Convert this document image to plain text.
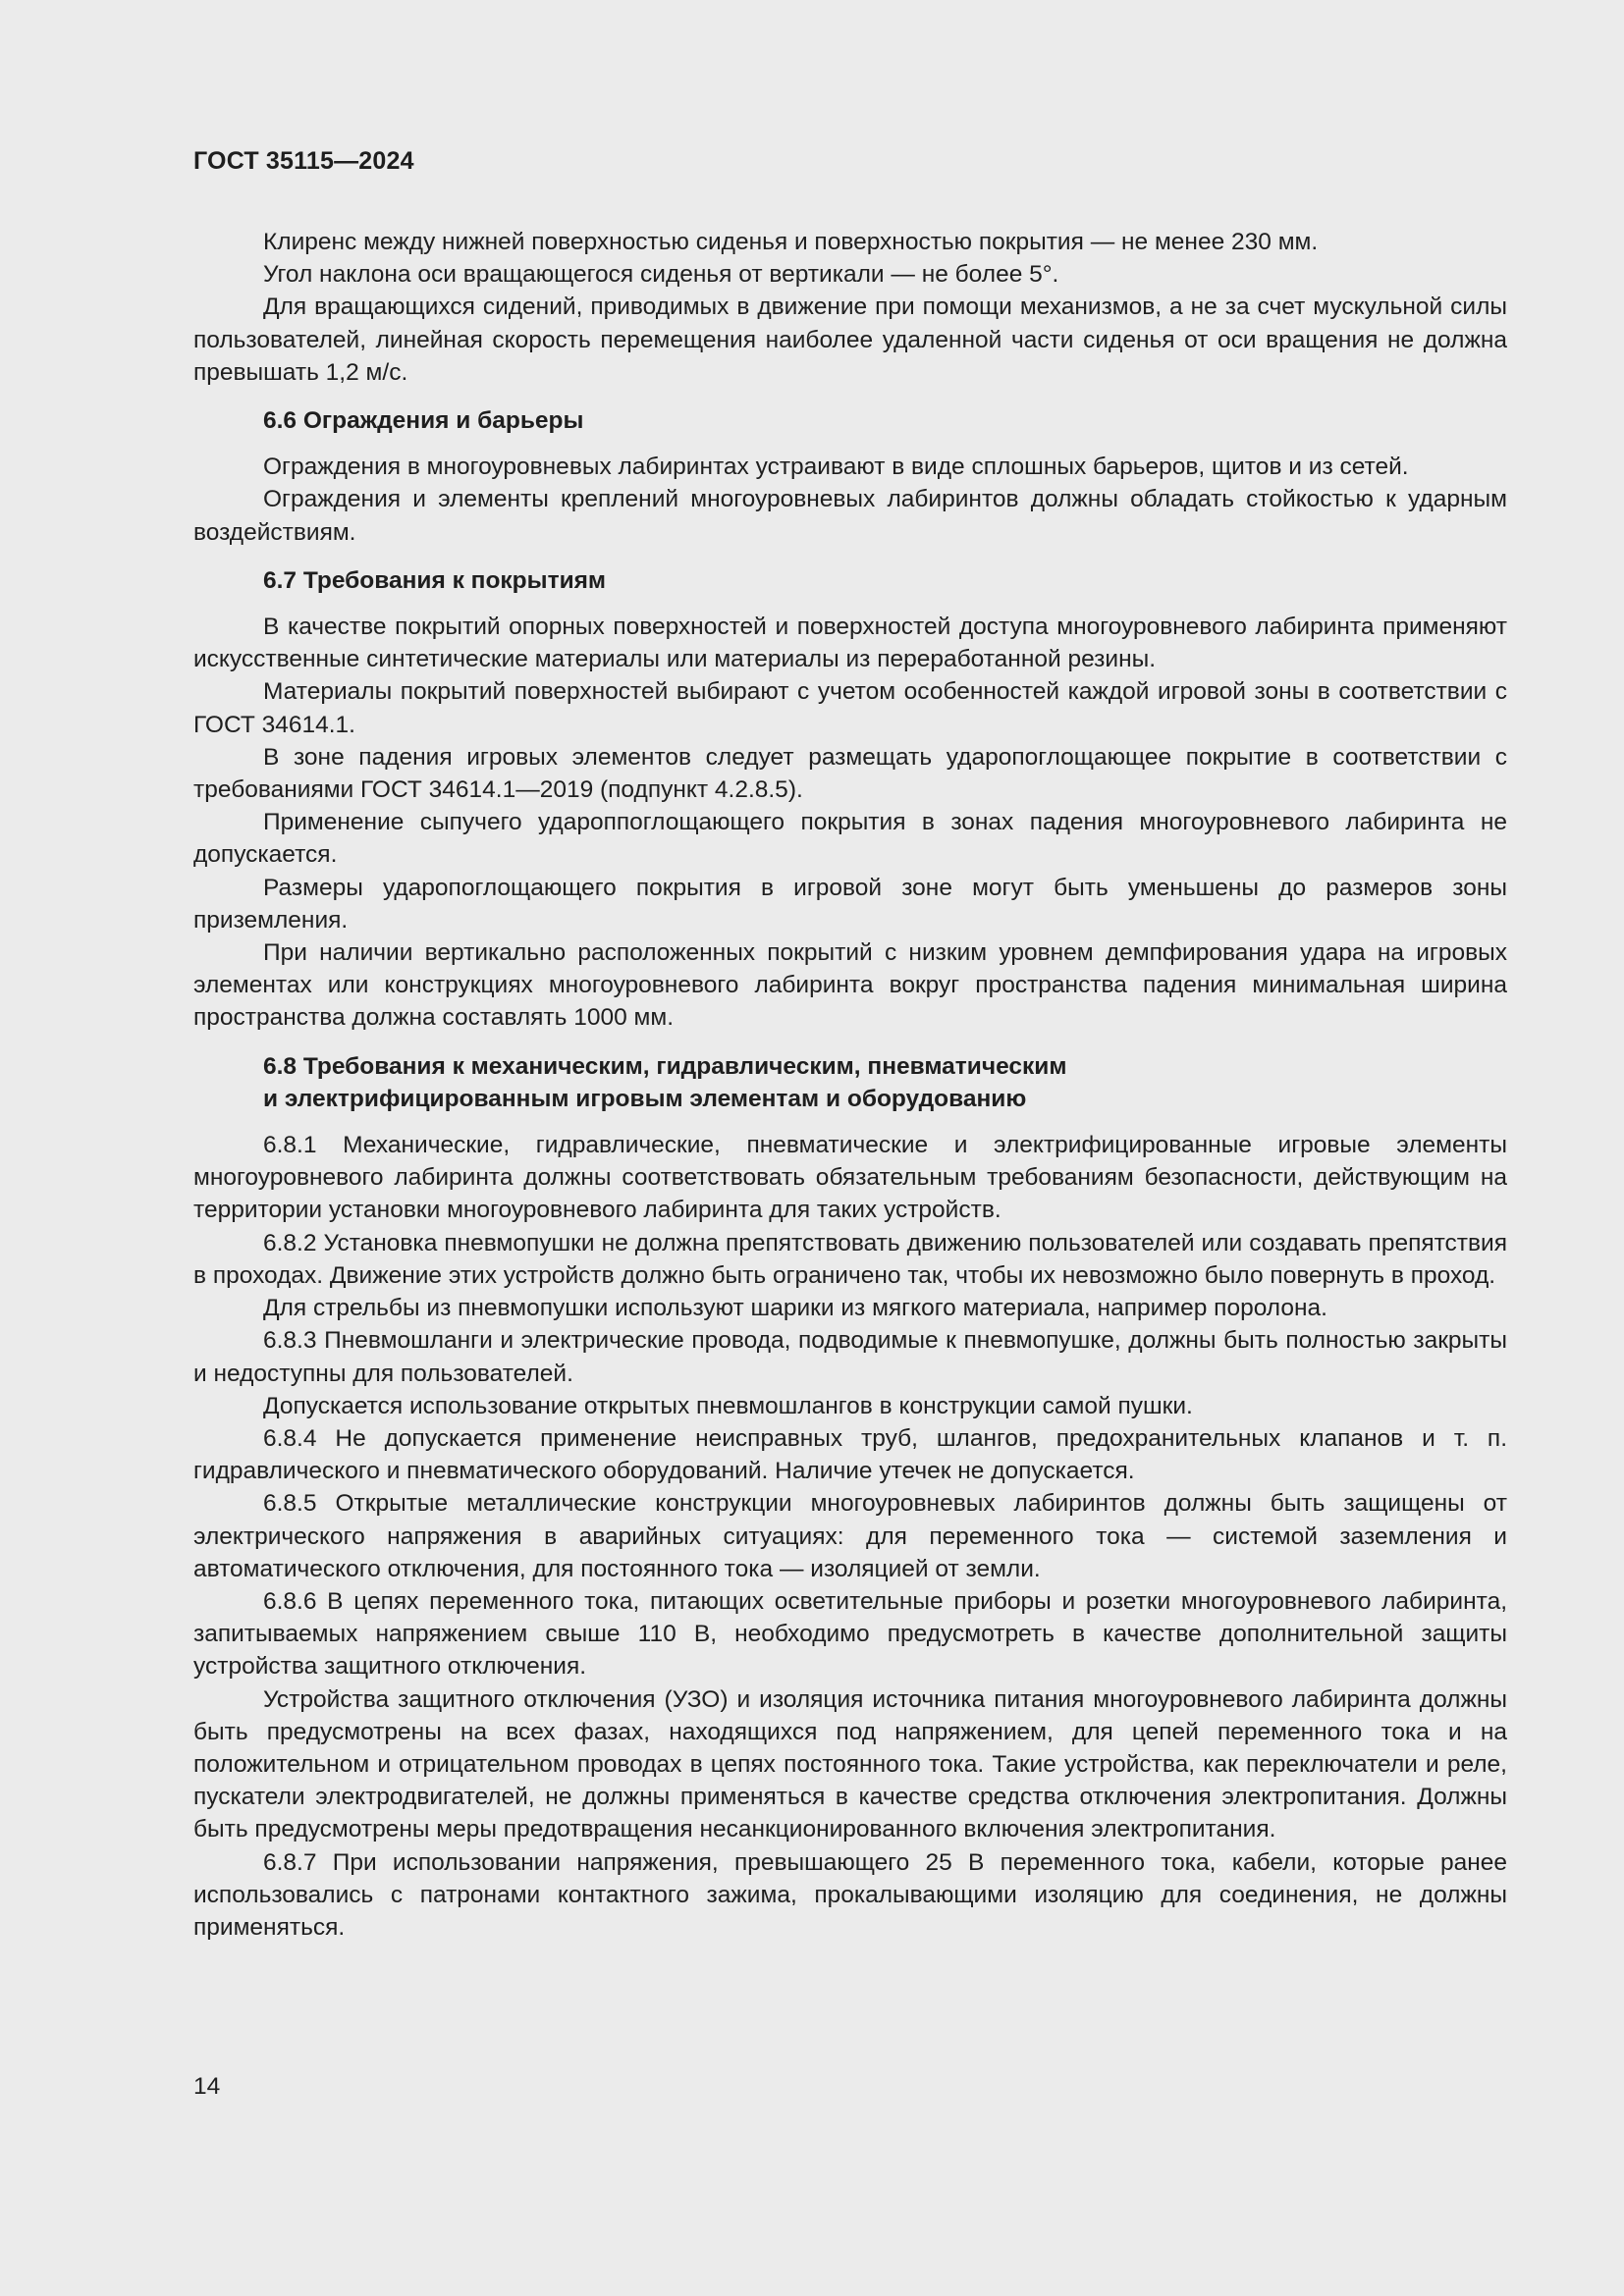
ГОСТ 35115—2024

Клиренс между нижней поверхностью сиденья и поверхностью покрытия — не менее 230 мм.

Угол наклона оси вращающегося сиденья от вертикали — не более 5°.

Для вращающихся сидений, приводимых в движение при помощи механизмов, а не за счет мускульной силы пользователей, линейная скорость перемещения наиболее удаленной части сиденья от оси вращения не должна превышать 1,2 м/с.

6.6 Ограждения и барьеры

Ограждения в многоуровневых лабиринтах устраивают в виде сплошных барьеров, щитов и из сетей.

Ограждения и элементы креплений многоуровневых лабиринтов должны обладать стойкостью к ударным воздействиям.

6.7 Требования к покрытиям

В качестве покрытий опорных поверхностей и поверхностей доступа многоуровневого лабиринта применяют искусственные синтетические материалы или материалы из переработанной резины.

Материалы покрытий поверхностей выбирают с учетом особенностей каждой игровой зоны в соответствии с ГОСТ 34614.1.

В зоне падения игровых элементов следует размещать ударопоглощающее покрытие в соответствии с требованиями ГОСТ 34614.1—2019 (подпункт 4.2.8.5).

Применение сыпучего удароппоглощающего покрытия в зонах падения многоуровневого лабиринта не допускается.

Размеры ударопоглощающего покрытия в игровой зоне могут быть уменьшены до размеров зоны приземления.

При наличии вертикально расположенных покрытий с низким уровнем демпфирования удара на игровых элементах или конструкциях многоуровневого лабиринта вокруг пространства падения минимальная ширина пространства должна составлять 1000 мм.

6.8 Требования к механическим, гидравлическим, пневматическим
и электрифицированным игровым элементам и оборудованию

6.8.1 Механические, гидравлические, пневматические и электрифицированные игровые элементы многоуровневого лабиринта должны соответствовать обязательным требованиям безопасности, действующим на территории установки многоуровневого лабиринта для таких устройств.

6.8.2 Установка пневмопушки не должна препятствовать движению пользователей или создавать препятствия в проходах. Движение этих устройств должно быть ограничено так, чтобы их невозможно было повернуть в проход.

Для стрельбы из пневмопушки используют шарики из мягкого материала, например поролона.

6.8.3 Пневмошланги и электрические провода, подводимые к пневмопушке, должны быть полностью закрыты и недоступны для пользователей.

Допускается использование открытых пневмошлангов в конструкции самой пушки.

6.8.4 Не допускается применение неисправных труб, шлангов, предохранительных клапанов и т. п. гидравлического и пневматического оборудований. Наличие утечек не допускается.

6.8.5 Открытые металлические конструкции многоуровневых лабиринтов должны быть защищены от электрического напряжения в аварийных ситуациях: для переменного тока — системой заземления и автоматического отключения, для постоянного тока — изоляцией от земли.

6.8.6 В цепях переменного тока, питающих осветительные приборы и розетки многоуровневого лабиринта, запитываемых напряжением свыше 110 В, необходимо предусмотреть в качестве дополнительной защиты устройства защитного отключения.

Устройства защитного отключения (УЗО) и изоляция источника питания многоуровневого лабиринта должны быть предусмотрены на всех фазах, находящихся под напряжением, для цепей переменного тока и на положительном и отрицательном проводах в цепях постоянного тока. Такие устройства, как переключатели и реле, пускатели электродвигателей, не должны применяться в качестве средства отключения электропитания. Должны быть предусмотрены меры предотвращения несанкционированного включения электропитания.

6.8.7 При использовании напряжения, превышающего 25 В переменного тока, кабели, которые ранее использовались с патронами контактного зажима, прокалывающими изоляцию для соединения, не должны применяться.

14
